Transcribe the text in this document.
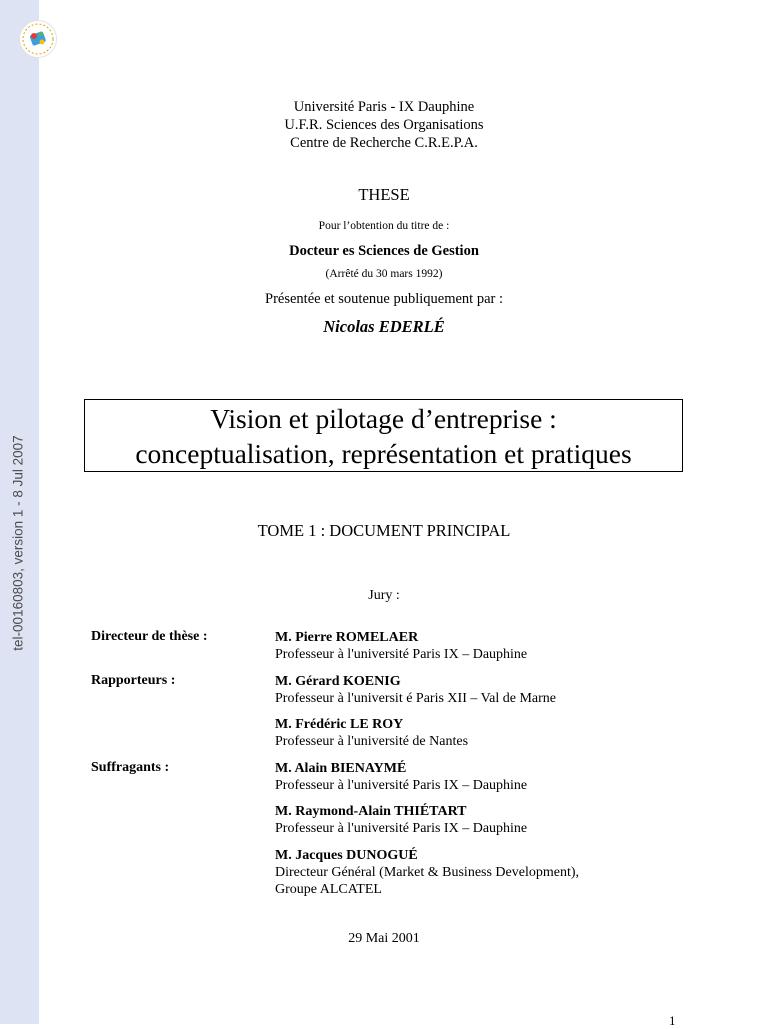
tel-00160803, version 1 - 8 Jul 2007
Université Paris - IX Dauphine
U.F.R. Sciences des Organisations
Centre de Recherche C.R.E.P.A.
THESE
Pour l’obtention du titre de :
Docteur es Sciences de Gestion
(Arrêté du 30 mars 1992)
Présentée et soutenue publiquement par :
Nicolas EDERLÉ
Vision et pilotage d’entreprise :
conceptualisation, représentation et pratiques
TOME 1 : DOCUMENT PRINCIPAL
Jury :
Directeur de thèse :
Rapporteurs :
Suffragants :
M. Pierre ROMELAER
Professeur à l'université Paris IX – Dauphine
M. Gérard KOENIG
Professeur à l'universit é Paris XII – Val de Marne
M. Frédéric LE ROY
Professeur à l'université de Nantes
M. Alain BIENAYMÉ
Professeur à l'université Paris IX – Dauphine
M. Raymond-Alain THIÉTART
Professeur à l'université Paris IX – Dauphine
M. Jacques DUNOGUÉ
Directeur Général (Market & Business Development),
Groupe ALCATEL
29 Mai 2001
1
